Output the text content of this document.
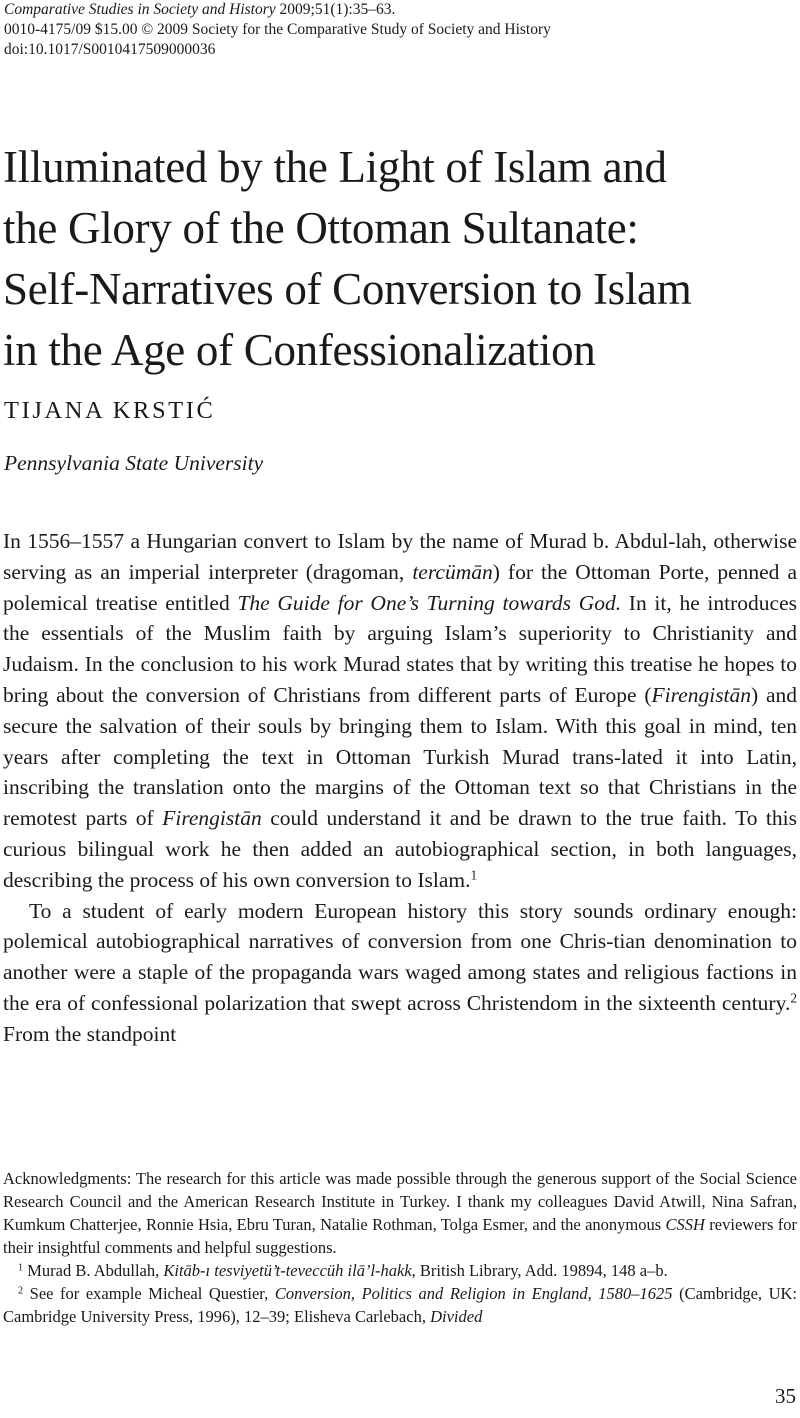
Comparative Studies in Society and History 2009;51(1):35–63.
0010-4175/09 $15.00 © 2009 Society for the Comparative Study of Society and History
doi:10.1017/S0010417509000036
Illuminated by the Light of Islam and
the Glory of the Ottoman Sultanate:
Self-Narratives of Conversion to Islam
in the Age of Confessionalization
TIJANA KRSTIĆ
Pennsylvania State University

In 1556–1557 a Hungarian convert to Islam by the name of Murad b. Abdul-lah, otherwise serving as an imperial interpreter (dragoman, tercümān) for the Ottoman Porte, penned a polemical treatise entitled The Guide for One’s Turning towards God. In it, he introduces the essentials of the Muslim faith by arguing Islam’s superiority to Christianity and Judaism. In the conclusion to his work Murad states that by writing this treatise he hopes to bring about the conversion of Christians from different parts of Europe (Firengistān) and secure the salvation of their souls by bringing them to Islam. With this goal in mind, ten years after completing the text in Ottoman Turkish Murad trans-lated it into Latin, inscribing the translation onto the margins of the Ottoman text so that Christians in the remotest parts of Firengistān could understand it and be drawn to the true faith. To this curious bilingual work he then added an autobiographical section, in both languages, describing the process of his own conversion to Islam.$^1$

To a student of early modern European history this story sounds ordinary enough: polemical autobiographical narratives of conversion from one Chris-tian denomination to another were a staple of the propaganda wars waged among states and religious factions in the era of confessional polarization that swept across Christendom in the sixteenth century.$^2$ From the standpoint

Acknowledgments: The research for this article was made possible through the generous support of the Social Science Research Council and the American Research Institute in Turkey. I thank my colleagues David Atwill, Nina Safran, Kumkum Chatterjee, Ronnie Hsia, Ebru Turan, Natalie Rothman, Tolga Esmer, and the anonymous CSSH reviewers for their insightful comments and helpful suggestions.

$^1$ Murad B. Abdullah, Kitāb-ı tesviyetü’t-teveccüh ilā’l-hakk, British Library, Add. 19894, 148 a–b.

$^2$ See for example Micheal Questier, Conversion, Politics and Religion in England, 1580–1625 (Cambridge, UK: Cambridge University Press, 1996), 12–39; Elisheva Carlebach, Divided

35
